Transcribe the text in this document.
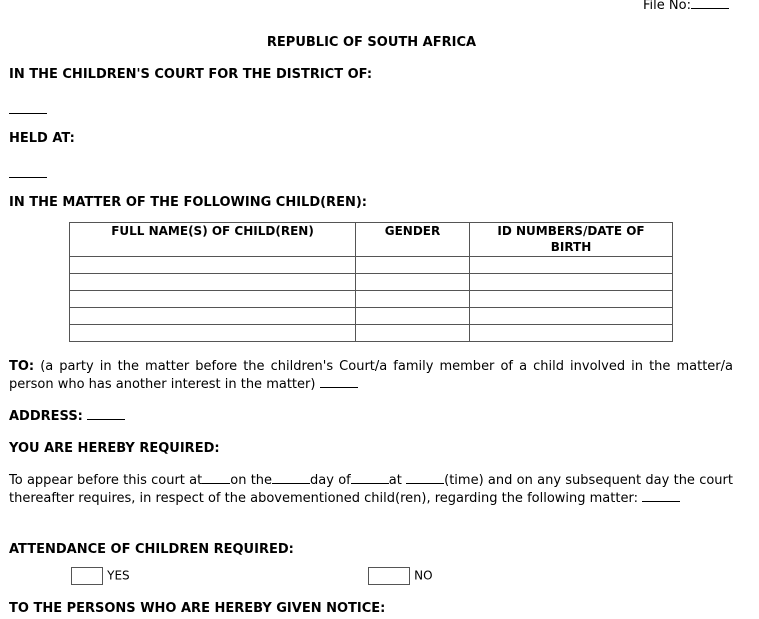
File No:
REPUBLIC OF SOUTH AFRICA
IN THE CHILDREN'S COURT FOR THE DISTRICT OF:
HELD AT:
IN THE MATTER OF THE FOLLOWING CHILD(REN):
FULL NAME(S) OF CHILD(REN)	GENDER	ID NUMBERS/DATE OF BIRTH

TO: (a party in the matter before the children's Court/a family member of a child involved in the matter/a person who has another interest in the matter)
ADDRESS:
YOU ARE HEREBY REQUIRED:
To appear before this court at on the	day of	at	(time) and on any subsequent day the court thereafter requires, in respect of the abovementioned child(ren), regarding the following matter:
ATTENDANCE OF CHILDREN REQUIRED:
YES	NO
TO THE PERSONS WHO ARE HEREBY GIVEN NOTICE:
